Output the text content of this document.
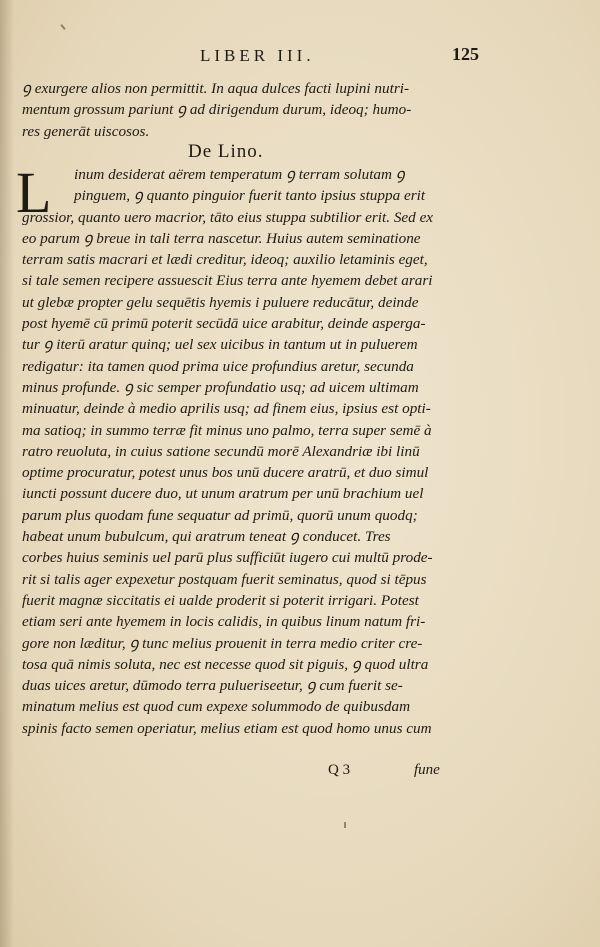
LIBER III.	125
ꝯ exurgere alios non permittit. In aqua dulces facti lupini nutri-
mentum grossum pariunt ꝯ ad dirigendum durum, ideoq; humo-
res generāt uiscosos.
De Lino.
L	inum desiderat aërem temperatum ꝯ terram solutam ꝯ
pinguem, ꝯ quanto pinguior fuerit tanto ipsius stuppa erit
grossior, quanto uero macrior, tāto eius stuppa subtilior erit. Sed ex
eo parum ꝯ breue in tali terra nascetur. Huius autem seminatione
terram satis macrari et lædi creditur, ideoq; auxilio letaminis eget,
si tale semen recipere assuescit Eius terra ante hyemem debet arari
ut glebæ propter gelu sequētis hyemis i puluere reducātur, deinde
post hyemē cū primū poterit secūdā uice arabitur, deinde asperga-
tur ꝯ iterū aratur quinq; uel sex uicibus in tantum ut in puluerem
redigatur: ita tamen quod prima uice profundius aretur, secunda
minus profunde. ꝯ sic semper profundatio usq; ad uicem ultimam
minuatur, deinde à medio aprilis usq; ad finem eius, ipsius est opti-
ma satioq; in summo terræ fit minus uno palmo, terra super semē à
ratro reuoluta, in cuius satione secundū morē Alexandriæ ibi linū
optime procuratur, potest unus bos unū ducere aratrū, et duo simul
iuncti possunt ducere duo, ut unum aratrum per unū brachium uel
parum plus quodam fune sequatur ad primū, quorū unum quodq;
habeat unum bubulcum, qui aratrum teneat ꝯ conducet. Tres
corbes huius seminis uel parū plus sufficiūt iugero cui multū prode-
rit si talis ager expexetur postquam fuerit seminatus, quod si tēpus
fuerit magnæ siccitatis ei ualde proderit si poterit irrigari. Potest
etiam seri ante hyemem in locis calidis, in quibus linum natum fri-
gore non læditur, ꝯ tunc melius prouenit in terra medio criter cre-
tosa quā nimis soluta, nec est necesse quod sit piguis, ꝯ quod ultra
duas uices aretur, dūmodo terra pulueriseetur, ꝯ cum fuerit se-
minatum melius est quod cum expexe solummodo de quibusdam
spinis facto semen operiatur, melius etiam est quod homo unus cum
Q 3	fune
